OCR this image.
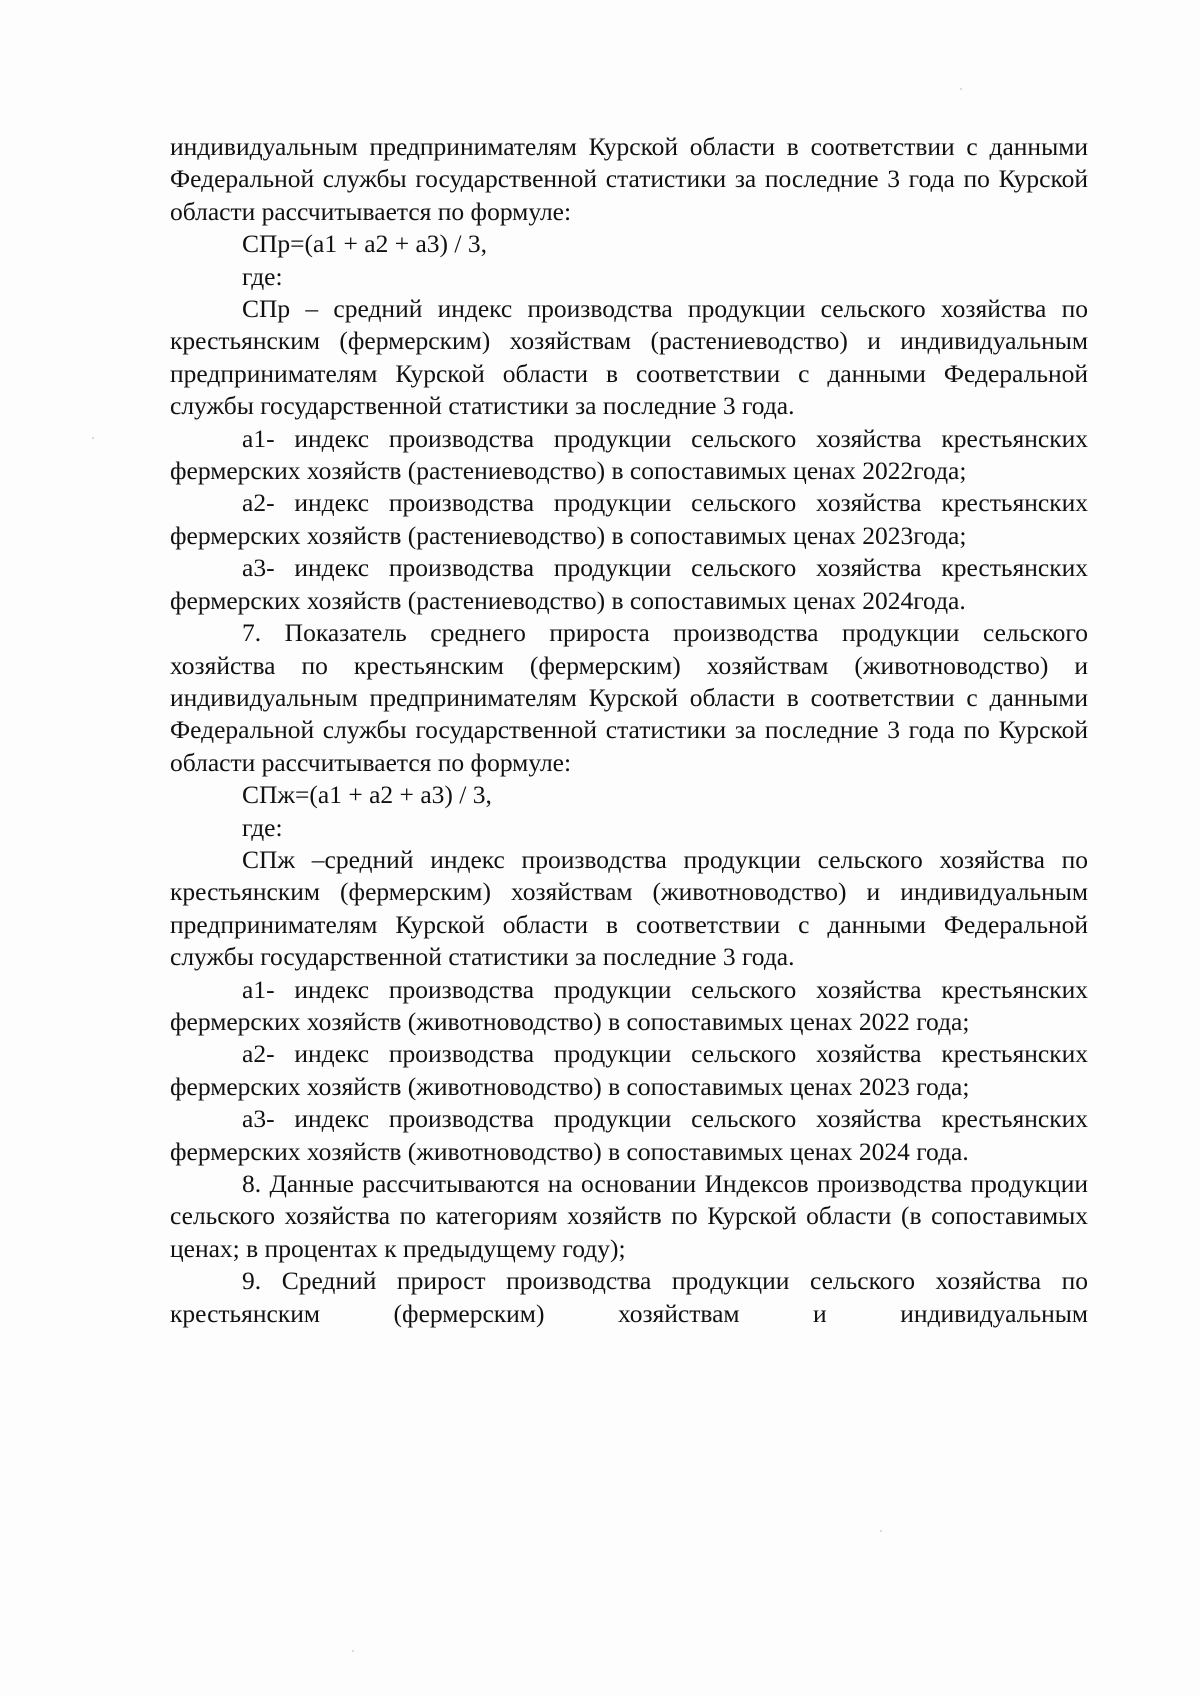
индивидуальным предпринимателям Курской области в соответствии с данными Федеральной службы государственной статистики за последние 3 года по Курской области рассчитывается по формуле:

СПр=(а1 + а2 + а3) / 3,

где:

СПр – средний индекс производства продукции сельского хозяйства по крестьянским (фермерским) хозяйствам (растениеводство) и индивидуальным предпринимателям Курской области в соответствии с данными Федеральной службы государственной статистики за последние 3 года.

а1- индекс производства продукции сельского хозяйства крестьянских фермерских хозяйств (растениеводство) в сопоставимых ценах 2022года;

а2- индекс производства продукции сельского хозяйства крестьянских фермерских хозяйств (растениеводство) в сопоставимых ценах 2023года;

а3- индекс производства продукции сельского хозяйства крестьянских фермерских хозяйств (растениеводство) в сопоставимых ценах 2024года.

7. Показатель среднего прироста производства продукции сельского хозяйства по крестьянским (фермерским) хозяйствам (животноводство) и индивидуальным предпринимателям Курской области в соответствии с данными Федеральной службы государственной статистики за последние 3 года по Курской области рассчитывается по формуле:

СПж=(а1 + а2 + а3) / 3,

где:

СПж –средний индекс производства продукции сельского хозяйства по крестьянским (фермерским) хозяйствам (животноводство) и индивидуальным предпринимателям Курской области в соответствии с данными Федеральной службы государственной статистики за последние 3 года.

а1- индекс производства продукции сельского хозяйства крестьянских фермерских хозяйств (животноводство) в сопоставимых ценах 2022 года;

а2- индекс производства продукции сельского хозяйства крестьянских фермерских хозяйств (животноводство) в сопоставимых ценах 2023 года;

а3- индекс производства продукции сельского хозяйства крестьянских фермерских хозяйств (животноводство) в сопоставимых ценах 2024 года.

8. Данные рассчитываются на основании Индексов производства продукции сельского хозяйства по категориям хозяйств по Курской области (в сопоставимых ценах; в процентах к предыдущему году);

9. Средний прирост производства продукции сельского хозяйства по крестьянским (фермерским) хозяйствам и индивидуальным
